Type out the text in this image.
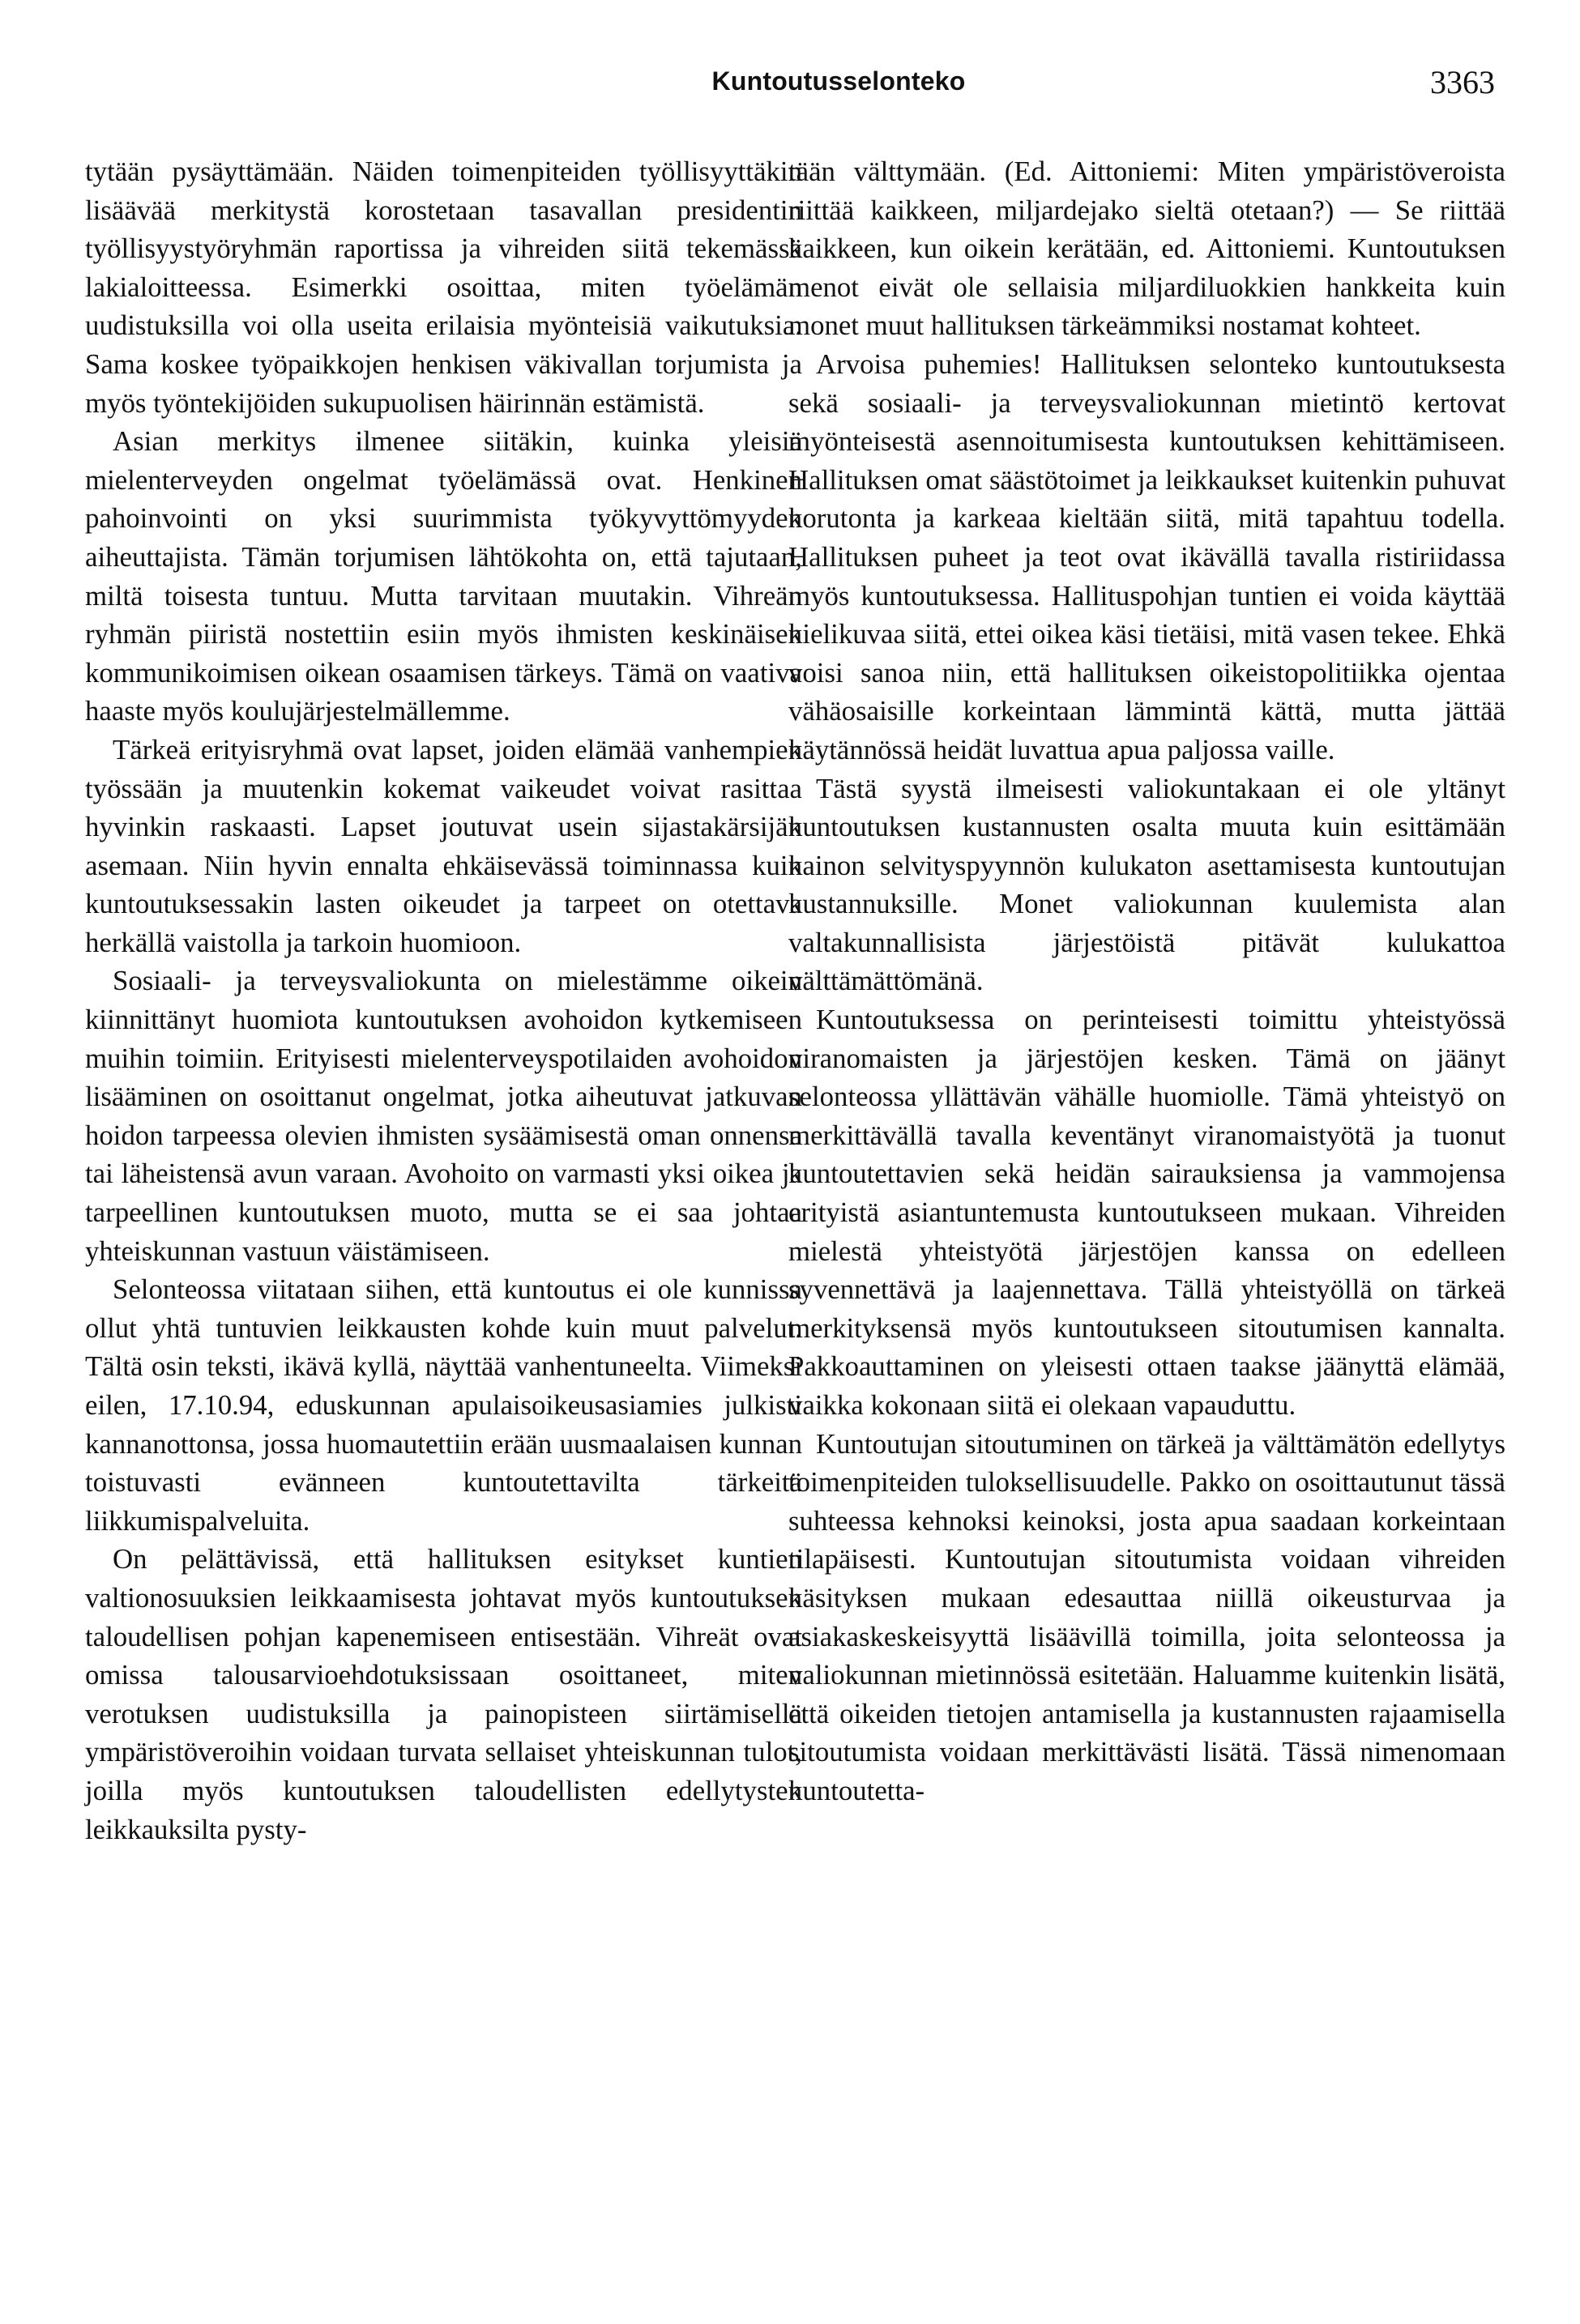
Kuntoutusselonteko	3363

tytään pysäyttämään. Näiden toimenpiteiden työllisyyttäkin lisäävää merkitystä korostetaan tasavallan presidentin työllisyystyöryhmän raportissa ja vihreiden siitä tekemässä lakialoitteessa. Esimerkki osoittaa, miten työelämän uudistuksilla voi olla useita erilaisia myönteisiä vaikutuksia. Sama koskee työpaikkojen henkisen väkivallan torjumista ja myös työntekijöiden sukupuolisen häirinnän estämistä.

Asian merkitys ilmenee siitäkin, kuinka yleisiä mielenterveyden ongelmat työelämässä ovat. Henkinen pahoinvointi on yksi suurimmista työkyvyttömyyden aiheuttajista. Tämän torjumisen lähtökohta on, että tajutaan, miltä toisesta tuntuu. Mutta tarvitaan muutakin. Vihreän ryhmän piiristä nostettiin esiin myös ihmisten keskinäisen kommunikoimisen oikean osaamisen tärkeys. Tämä on vaativa haaste myös koulujärjestelmällemme.

Tärkeä erityisryhmä ovat lapset, joiden elämää vanhempien työssään ja muutenkin kokemat vaikeudet voivat rasittaa hyvinkin raskaasti. Lapset joutuvat usein sijastakärsijän asemaan. Niin hyvin ennalta ehkäisevässä toiminnassa kuin kuntoutuksessakin lasten oikeudet ja tarpeet on otettava herkällä vaistolla ja tarkoin huomioon.

Sosiaali- ja terveysvaliokunta on mielestämme oikein kiinnittänyt huomiota kuntoutuksen avohoidon kytkemiseen muihin toimiin. Erityisesti mielenterveyspotilaiden avohoidon lisääminen on osoittanut ongelmat, jotka aiheutuvat jatkuvan hoidon tarpeessa olevien ihmisten sysäämisestä oman onnensa tai läheistensä avun varaan. Avohoito on varmasti yksi oikea ja tarpeellinen kuntoutuksen muoto, mutta se ei saa johtaa yhteiskunnan vastuun väistämiseen.

Selonteossa viitataan siihen, että kuntoutus ei ole kunnissa ollut yhtä tuntuvien leikkausten kohde kuin muut palvelut. Tältä osin teksti, ikävä kyllä, näyttää vanhentuneelta. Viimeksi eilen, 17.10.94, eduskunnan apulaisoikeusasiamies julkisti kannanottonsa, jossa huomautettiin erään uusmaalaisen kunnan toistuvasti evänneen kuntoutettavilta tärkeitä liikkumispalveluita.

On pelättävissä, että hallituksen esitykset kuntien valtionosuuksien leikkaamisesta johtavat myös kuntoutuksen taloudellisen pohjan kapenemiseen entisestään. Vihreät ovat omissa talousarvioehdotuksissaan osoittaneet, miten verotuksen uudistuksilla ja painopisteen siirtämisellä ympäristöveroihin voidaan turvata sellaiset yhteiskunnan tulot, joilla myös kuntoutuksen taloudellisten edellytysten leikkauksilta pysty-

tään välttymään. (Ed. Aittoniemi: Miten ympäristöveroista riittää kaikkeen, miljardejako sieltä otetaan?) — Se riittää kaikkeen, kun oikein kerätään, ed. Aittoniemi. Kuntoutuksen menot eivät ole sellaisia miljardiluokkien hankkeita kuin monet muut hallituksen tärkeämmiksi nostamat kohteet.

Arvoisa puhemies! Hallituksen selonteko kuntoutuksesta sekä sosiaali- ja terveysvaliokunnan mietintö kertovat myönteisestä asennoitumisesta kuntoutuksen kehittämiseen. Hallituksen omat säästötoimet ja leikkaukset kuitenkin puhuvat korutonta ja karkeaa kieltään siitä, mitä tapahtuu todella. Hallituksen puheet ja teot ovat ikävällä tavalla ristiriidassa myös kuntoutuksessa. Hallituspohjan tuntien ei voida käyttää kielikuvaa siitä, ettei oikea käsi tietäisi, mitä vasen tekee. Ehkä voisi sanoa niin, että hallituksen oikeistopolitiikka ojentaa vähäosaisille korkeintaan lämmintä kättä, mutta jättää käytännössä heidät luvattua apua paljossa vaille.

Tästä syystä ilmeisesti valiokuntakaan ei ole yltänyt kuntoutuksen kustannusten osalta muuta kuin esittämään kainon selvityspyynnön kulukaton asettamisesta kuntoutujan kustannuksille. Monet valiokunnan kuulemista alan valtakunnallisista järjestöistä pitävät kulukattoa välttämättömänä.

Kuntoutuksessa on perinteisesti toimittu yhteistyössä viranomaisten ja järjestöjen kesken. Tämä on jäänyt selonteossa yllättävän vähälle huomiolle. Tämä yhteistyö on merkittävällä tavalla keventänyt viranomaistyötä ja tuonut kuntoutettavien sekä heidän sairauksiensa ja vammojensa erityistä asiantuntemusta kuntoutukseen mukaan. Vihreiden mielestä yhteistyötä järjestöjen kanssa on edelleen syvennettävä ja laajennettava. Tällä yhteistyöllä on tärkeä merkityksensä myös kuntoutukseen sitoutumisen kannalta. Pakkoauttaminen on yleisesti ottaen taakse jäänyttä elämää, vaikka kokonaan siitä ei olekaan vapauduttu.

Kuntoutujan sitoutuminen on tärkeä ja välttämätön edellytys toimenpiteiden tuloksellisuudelle. Pakko on osoittautunut tässä suhteessa kehnoksi keinoksi, josta apua saadaan korkeintaan tilapäisesti. Kuntoutujan sitoutumista voidaan vihreiden käsityksen mukaan edesauttaa niillä oikeusturvaa ja asiakaskeskeisyyttä lisäävillä toimilla, joita selonteossa ja valiokunnan mietinnössä esitetään. Haluamme kuitenkin lisätä, että oikeiden tietojen antamisella ja kustannusten rajaamisella sitoutumista voidaan merkittävästi lisätä. Tässä nimenomaan kuntoutetta-
